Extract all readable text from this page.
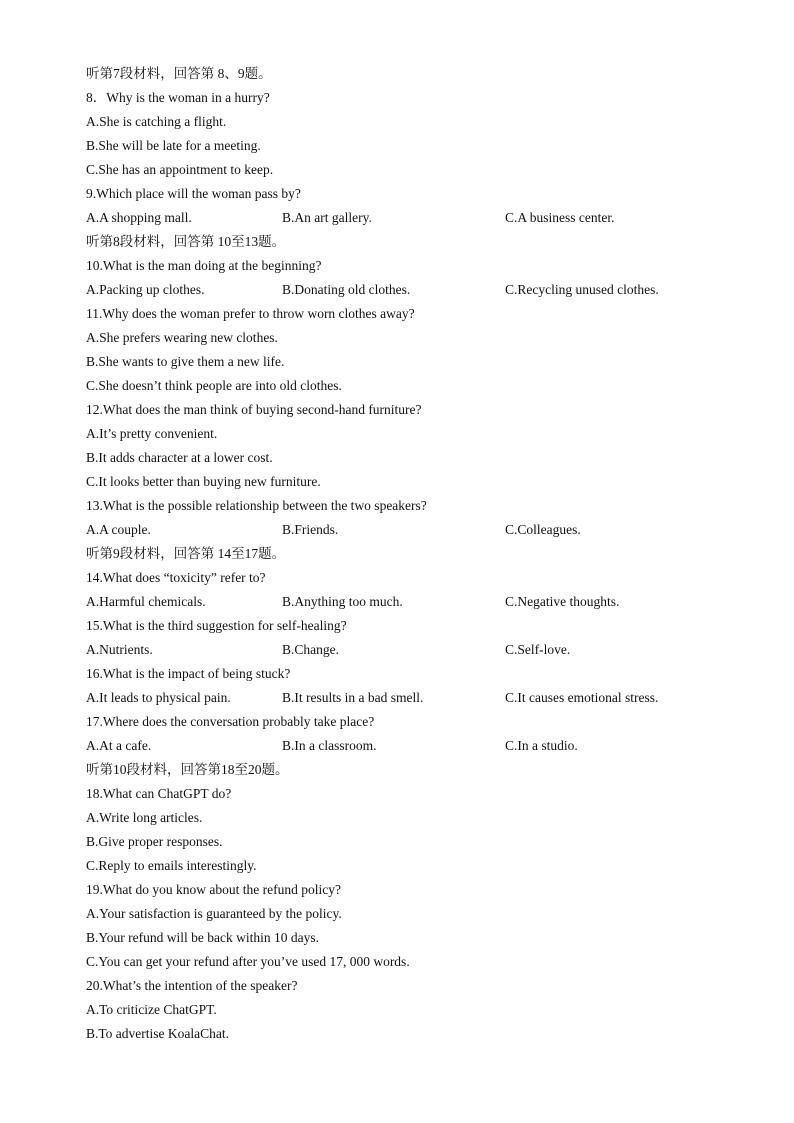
听第7段材料，回答第 8、9题。
8．Why is the woman in a hurry?
A.She is catching a flight.
B.She will be late for a meeting.
C.She has an appointment to keep.
9.Which place will the woman pass by?
A.A shopping mall.	B.An art gallery.	C.A business center.
听第8段材料，回答第 10至13题。
10.What is the man doing at the beginning?
A.Packing up clothes.	B.Donating old clothes.	C.Recycling unused clothes.
11.Why does the woman prefer to throw worn clothes away?
A.She prefers wearing new clothes.
B.She wants to give them a new life.
C.She doesn’t think people are into old clothes.
12.What does the man think of buying second-hand furniture?
A.It’s pretty convenient.
B.It adds character at a lower cost.
C.It looks better than buying new furniture.
13.What is the possible relationship between the two speakers?
A.A couple.	B.Friends.	C.Colleagues.
听第9段材料，回答第 14至17题。
14.What does “toxicity” refer to?
A.Harmful chemicals.	B.Anything too much.	C.Negative thoughts.
15.What is the third suggestion for self-healing?
A.Nutrients.	B.Change.	C.Self-love.
16.What is the impact of being stuck?
A.It leads to physical pain.	B.It results in a bad smell.	C.It causes emotional stress.
17.Where does the conversation probably take place?
A.At a cafe.	B.In a classroom.	C.In a studio.
听第10段材料，回答第18至20题。
18.What can ChatGPT do?
A.Write long articles.
B.Give proper responses.
C.Reply to emails interestingly.
19.What do you know about the refund policy?
A.Your satisfaction is guaranteed by the policy.
B.Your refund will be back within 10 days.
C.You can get your refund after you’ve used 17, 000 words.
20.What’s the intention of the speaker?
A.To criticize ChatGPT.
B.To advertise KoalaChat.
